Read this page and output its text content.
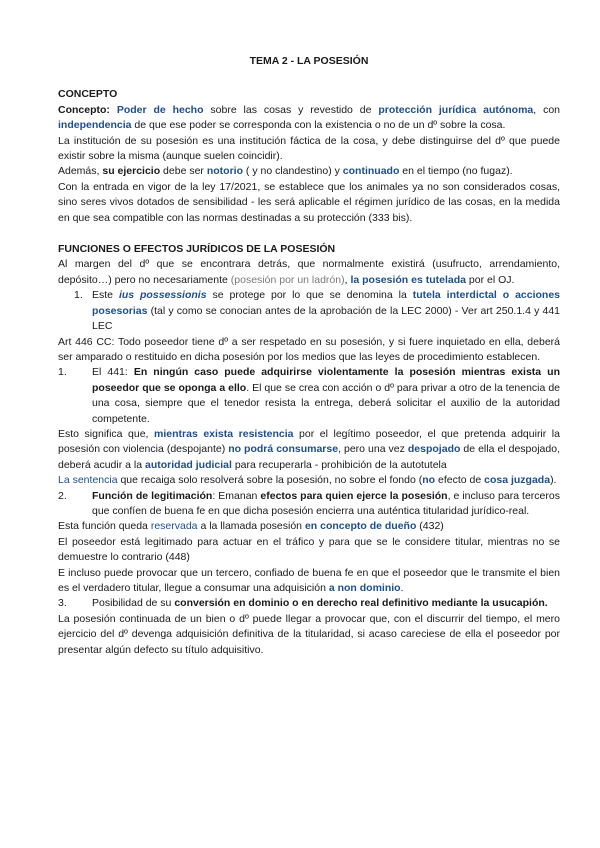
TEMA 2 - LA POSESIÓN

CONCEPTO

Concepto: Poder de hecho sobre las cosas y revestido de protección jurídica autónoma, con independencia de que ese poder se corresponda con la existencia o no de un dº sobre la cosa.

La institución de su posesión es una institución fáctica de la cosa, y debe distinguirse del dº que puede existir sobre la misma (aunque suelen coincidir).

Además, su ejercicio debe ser notorio ( y no clandestino) y continuado en el tiempo (no fugaz).

Con la entrada en vigor de la ley 17/2021, se establece que los animales ya no son considerados cosas, sino seres vivos dotados de sensibilidad - les será aplicable el régimen jurídico de las cosas, en la medida en que sea compatible con las normas destinadas a su protección (333 bis).

FUNCIONES O EFECTOS JURÍDICOS DE LA POSESIÓN

Al margen del dº que se encontrara detrás, que normalmente existirá (usufructo, arrendamiento, depósito…) pero no necesariamente (posesión por un ladrón), la posesión es tutelada por el OJ.

1. Este ius possessionis se protege por lo que se denomina la tutela interdictal o acciones posesorias (tal y como se conocian antes de la aprobación de la LEC 2000) - Ver art 250.1.4 y 441 LEC

Art 446 CC: Todo poseedor tiene dº a ser respetado en su posesión, y si fuere inquietado en ella, deberá ser amparado o restituido en dicha posesión por los medios que las leyes de procedimiento establecen.

1.	El 441: En ningún caso puede adquirirse violentamente la posesión mientras exista un poseedor que se oponga a ello. El que se crea con acción o dº para privar a otro de la tenencia de una cosa, siempre que el tenedor resista la entrega, deberá solicitar el auxilio de la autoridad competente.

Esto significa que, mientras exista resistencia por el legítimo poseedor, el que pretenda adquirir la posesión con violencia (despojante) no podrá consumarse, pero una vez despojado de ella el despojado, deberá acudir a la autoridad judicial para recuperarla - prohibición de la autotutela

La sentencia que recaiga solo resolverá sobre la posesión, no sobre el fondo (no efecto de cosa juzgada).

2.	Función de legitimación: Emanan efectos para quien ejerce la posesión, e incluso para terceros que confíen de buena fe en que dicha posesión encierra una auténtica titularidad jurídico-real.

Esta función queda reservada a la llamada posesión en concepto de dueño (432)

El poseedor está legitimado para actuar en el tráfico y para que se le considere titular, mientras no se demuestre lo contrario (448)

E incluso puede provocar que un tercero, confiado de buena fe en que el poseedor que le transmite el bien es el verdadero titular, llegue a consumar una adquisición a non dominio.

3.	Posibilidad de su conversión en dominio o en derecho real definitivo mediante la usucapión.

La posesión continuada de un bien o dº puede llegar a provocar que, con el discurrir del tiempo, el mero ejercicio del dº devenga adquisición definitiva de la titularidad, si acaso careciese de ella el poseedor por presentar algún defecto su título adquisitivo.
